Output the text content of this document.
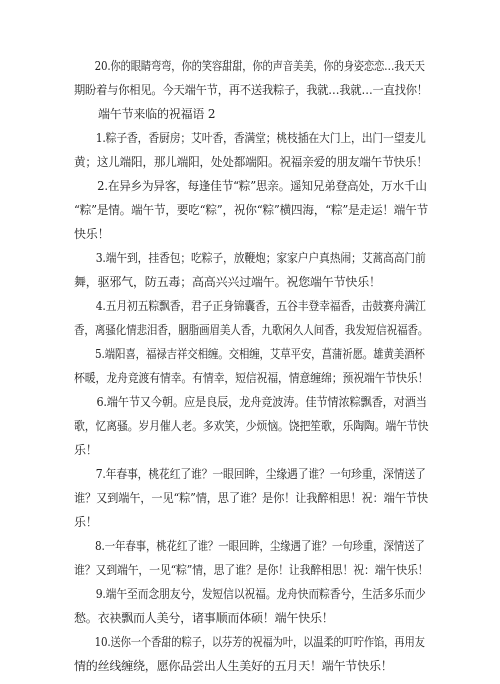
20.你的眼睛弯弯，你的笑容甜甜，你的声音美美，你的身姿恋恋…我天天
期盼着与你相见。今天端午节，再不送我粽子，我就…我就…一直找你！
端午节来临的祝福语 2
1.粽子香，香厨房；艾叶香，香满堂；桃枝插在大门上，出门一望麦儿
黄；这儿端阳，那儿端阳，处处都端阳。祝福亲爱的朋友端午节快乐！
2.在异乡为异客，每逢佳节“粽”思亲。遥知兄弟登高处，万水千山
“粽”是情。端午节，要吃“粽”，祝你“粽”横四海，“粽”是走运！端午节
快乐！
3.端午到，挂香包；吃粽子，放鞭炮；家家户户真热闹；艾蒿高高门前
舞，驱邪气，防五毒；高高兴兴过端午。祝您端午节快乐！
4.五月初五粽飘香，君子正身锦囊香，五谷丰登幸福香，击鼓赛舟满江
香，离骚化情悲泪香，胭脂画眉美人香，九歌闲久人间香，我发短信祝福香。
5.端阳喜，福禄吉祥交相缠。交相缠，艾草平安，菖蒲祈愿。雄黄美酒杯
杯暖，龙舟竞渡有情幸。有情幸，短信祝福，情意缠绵；预祝端午节快乐！
6.端午节又今朝。应是良辰，龙舟竞波涛。佳节情浓粽飘香，对酒当
歌，忆离骚。岁月催人老。多欢笑，少烦恼。饶把笙歌，乐陶陶。端午节快
乐！
7.年春事，桃花红了谁？一眼回眸，尘缘遇了谁？一句珍重，深情送了
谁？又到端午，一见“粽”情，思了谁？是你！让我醉相思！祝：端午节快
乐！
8.一年春事，桃花红了谁？一眼回眸，尘缘遇了谁？一句珍重，深情送了
谁？又到端午，一见“粽”情，思了谁？是你！让我醉相思！祝：端午快乐！
9.端午至而念朋友兮，发短信以祝福。龙舟快而粽香兮，生活多乐而少
愁。衣袂飘而人美兮，诸事顺而体硕！端午快乐！
10.送你一个香甜的粽子，以芬芳的祝福为叶，以温柔的叮咛作馅，再用友
情的丝线缠绕，愿你品尝出人生美好的五月天！端午节快乐！
